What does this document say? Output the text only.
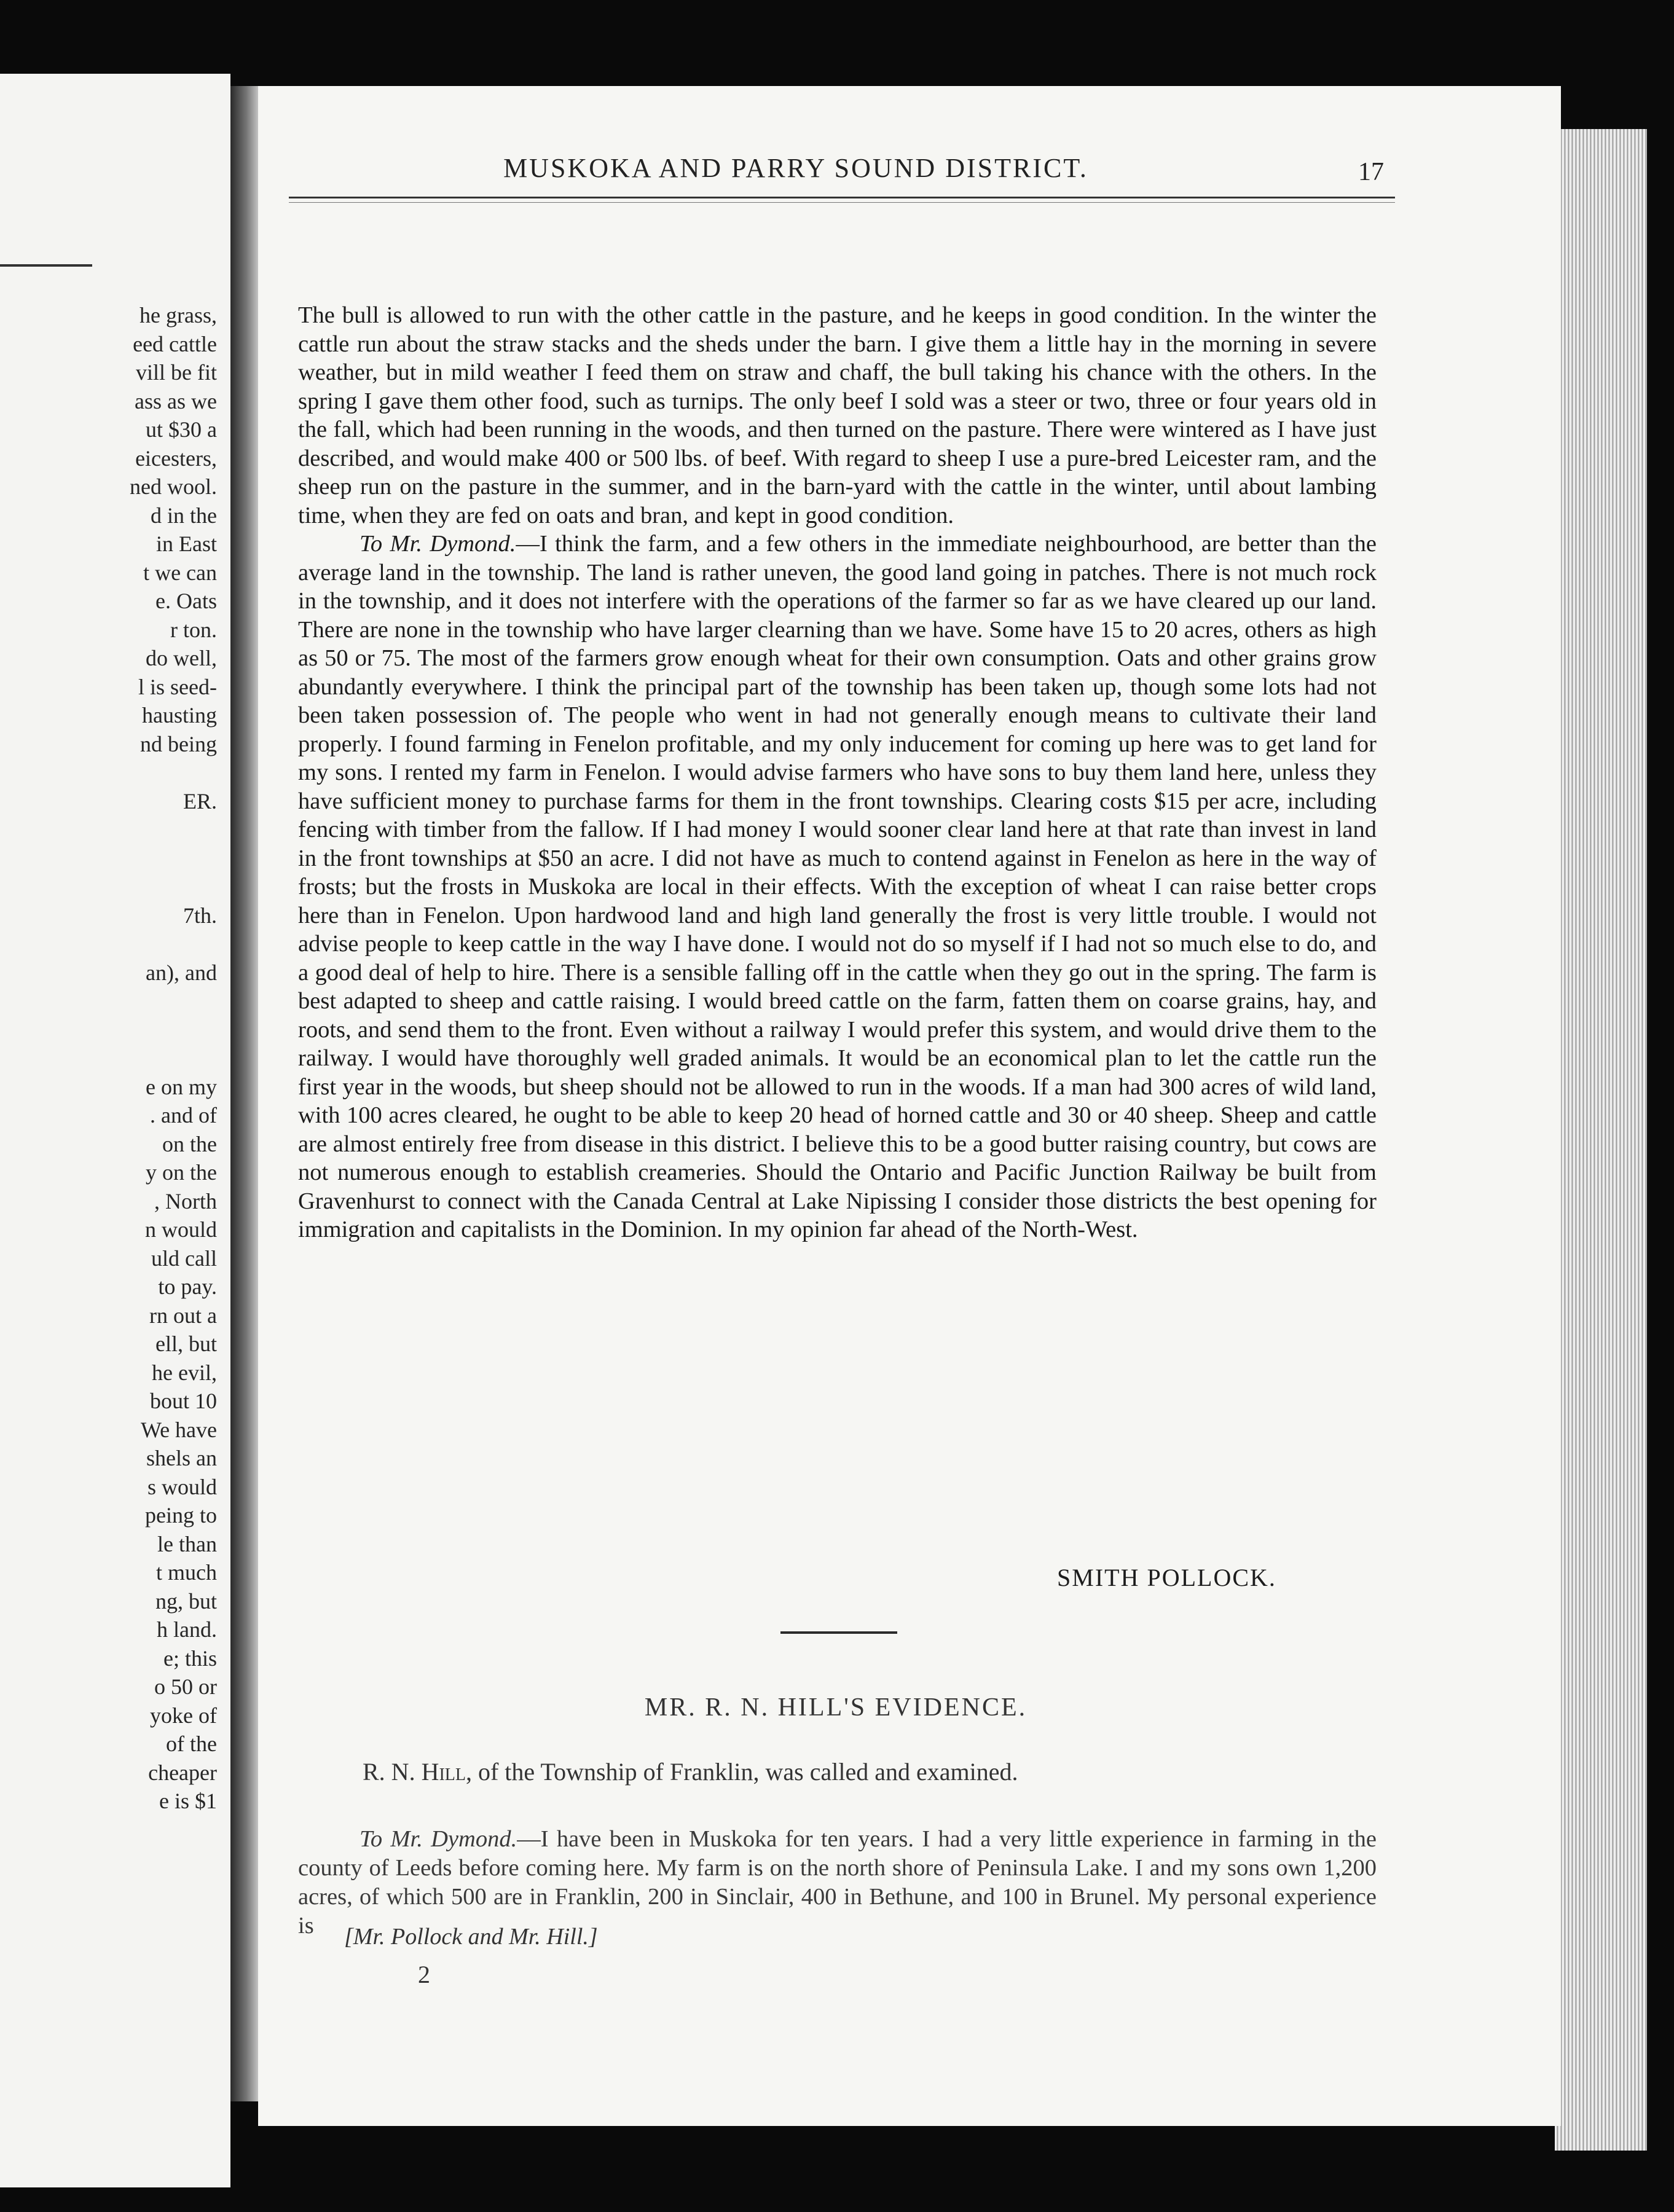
he grass,
eed cattle
vill be fit
ass as we
ut $30 a
eicesters,
ned wool.
d in the
in East
t we can
e. Oats
r ton.
do well,
l is seed-
hausting
nd being
ER.
7th.
an), and
e on my
. and of
on the
y on the
, North
n would
uld call
to pay.
rn out a
ell, but
he evil,
bout 10
We have
shels an
s would
peing to
le than
t much
ng, but
h land.
e; this
o 50 or
yoke of
of the
cheaper
e is $1
MUSKOKA AND PARRY SOUND DISTRICT.	17

The bull is allowed to run with the other cattle in the pasture, and he keeps in good condition. In the winter the cattle run about the straw stacks and the sheds under the barn. I give them a little hay in the morning in severe weather, but in mild weather I feed them on straw and chaff, the bull taking his chance with the others. In the spring I gave them other food, such as turnips. The only beef I sold was a steer or two, three or four years old in the fall, which had been running in the woods, and then turned on the pasture. There were wintered as I have just described, and would make 400 or 500 lbs. of beef. With regard to sheep I use a pure-bred Leicester ram, and the sheep run on the pasture in the summer, and in the barn-yard with the cattle in the winter, until about lambing time, when they are fed on oats and bran, and kept in good condition.

To Mr. Dymond.—I think the farm, and a few others in the immediate neighbourhood, are better than the average land in the township. The land is rather uneven, the good land going in patches. There is not much rock in the township, and it does not interfere with the operations of the farmer so far as we have cleared up our land. There are none in the township who have larger clearning than we have. Some have 15 to 20 acres, others as high as 50 or 75. The most of the farmers grow enough wheat for their own consumption. Oats and other grains grow abundantly everywhere. I think the principal part of the township has been taken up, though some lots had not been taken possession of. The people who went in had not generally enough means to cultivate their land properly. I found farming in Fenelon profitable, and my only inducement for coming up here was to get land for my sons. I rented my farm in Fenelon. I would advise farmers who have sons to buy them land here, unless they have sufficient money to purchase farms for them in the front townships. Clearing costs $15 per acre, including fencing with timber from the fallow. If I had money I would sooner clear land here at that rate than invest in land in the front townships at $50 an acre. I did not have as much to contend against in Fenelon as here in the way of frosts; but the frosts in Muskoka are local in their effects. With the exception of wheat I can raise better crops here than in Fenelon. Upon hardwood land and high land generally the frost is very little trouble. I would not advise people to keep cattle in the way I have done. I would not do so myself if I had not so much else to do, and a good deal of help to hire. There is a sensible falling off in the cattle when they go out in the spring. The farm is best adapted to sheep and cattle raising. I would breed cattle on the farm, fatten them on coarse grains, hay, and roots, and send them to the front. Even without a railway I would prefer this system, and would drive them to the railway. I would have thoroughly well graded animals. It would be an economical plan to let the cattle run the first year in the woods, but sheep should not be allowed to run in the woods. If a man had 300 acres of wild land, with 100 acres cleared, he ought to be able to keep 20 head of horned cattle and 30 or 40 sheep. Sheep and cattle are almost entirely free from disease in this district. I believe this to be a good butter raising country, but cows are not numerous enough to establish creameries. Should the Ontario and Pacific Junction Railway be built from Gravenhurst to connect with the Canada Central at Lake Nipissing I consider those districts the best opening for immigration and capitalists in the Dominion. In my opinion far ahead of the North-West.

SMITH POLLOCK.
MR. R. N. HILL'S EVIDENCE.
R. N. Hill, of the Township of Franklin, was called and examined.

To Mr. Dymond.—I have been in Muskoka for ten years. I had a very little experience in farming in the county of Leeds before coming here. My farm is on the north shore of Peninsula Lake. I and my sons own 1,200 acres, of which 500 are in Franklin, 200 in Sinclair, 400 in Bethune, and 100 in Brunel. My personal experience is	[Mr. Pollock and Mr. Hill.]
2
